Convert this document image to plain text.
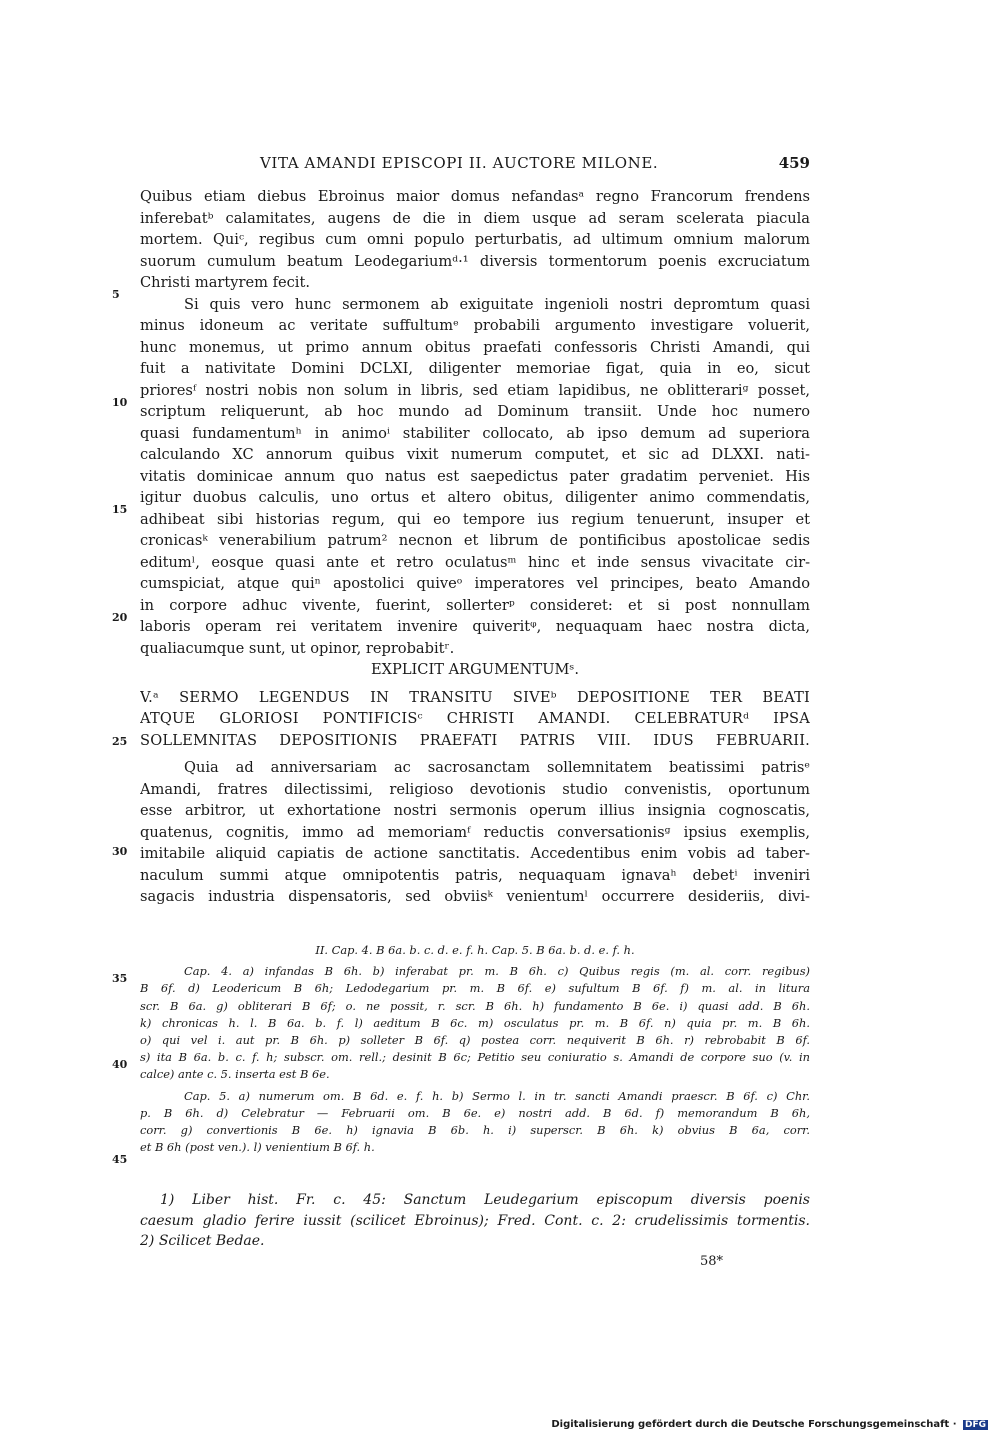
VITA AMANDI EPISCOPI II. AUCTORE MILONE.	459
5
10
15
20
25
30
35
40
45
Quibus etiam diebus Ebroinus maior domus nefandasᵃ regno Francorum frendens
inferebatᵇ calamitates, augens de die in diem usque ad seram scelerata piacula
mortem. Quiᶜ, regibus cum omni populo perturbatis, ad ultimum omnium malorum
suorum cumulum beatum Leodegariumᵈ·¹ diversis tormentorum poenis excruciatum
Christi martyrem fecit.
Si quis vero hunc sermonem ab exiguitate ingenioli nostri depromtum quasi
minus idoneum ac veritate suffultumᵉ probabili argumento investigare voluerit,
hunc monemus, ut primo annum obitus praefati confessoris Christi Amandi, qui
fuit a nativitate Domini DCLXI, diligenter memoriae figat, quia in eo, sicut
prioresᶠ nostri nobis non solum in libris, sed etiam lapidibus, ne oblitterariᵍ posset,
scriptum reliquerunt, ab hoc mundo ad Dominum transiit. Unde hoc numero
quasi fundamentumʰ in animoⁱ stabiliter collocato, ab ipso demum ad superiora
calculando XC annorum quibus vixit numerum computet, et sic ad DLXXI. nati-
vitatis dominicae annum quo natus est saepedictus pater gradatim perveniet. His
igitur duobus calculis, uno ortus et altero obitus, diligenter animo commendatis,
adhibeat sibi historias regum, qui eo tempore ius regium tenuerunt, insuper et
cronicasᵏ venerabilium patrum² necnon et librum de pontificibus apostolicae sedis
editumˡ, eosque quasi ante et retro oculatusᵐ hinc et inde sensus vivacitate cir-
cumspiciat, atque quiⁿ apostolici quiveᵒ imperatores vel principes, beato Amando
in corpore adhuc vivente, fuerint, sollerterᵖ consideret: et si post nonnullam
laboris operam rei veritatem invenire quiveritᵠ, nequaquam haec nostra dicta,
qualiacumque sunt, ut opinor, reprobabitʳ.
EXPLICIT ARGUMENTUMˢ.
V.ᵃ SERMO LEGENDUS IN TRANSITU SIVEᵇ DEPOSITIONE TER BEATI
ATQUE GLORIOSI PONTIFICISᶜ CHRISTI AMANDI. CELEBRATURᵈ IPSA
SOLLEMNITAS DEPOSITIONIS PRAEFATI PATRIS VIII. IDUS FEBRUARII.
Quia ad anniversariam ac sacrosanctam sollemnitatem beatissimi patrisᵉ
Amandi, fratres dilectissimi, religioso devotionis studio convenistis, oportunum
esse arbitror, ut exhortatione nostri sermonis operum illius insignia cognoscatis,
quatenus, cognitis, immo ad memoriamᶠ reductis conversationisᵍ ipsius exemplis,
imitabile aliquid capiatis de actione sanctitatis. Accedentibus enim vobis ad taber-
naculum summi atque omnipotentis patris, nequaquam ignavaʰ debetⁱ inveniri
sagacis industria dispensatoris, sed obviisᵏ venientumˡ occurrere desideriis, divi-
II. Cap. 4. B 6a. b. c. d. e. f. h. Cap. 5. B 6a. b. d. e. f. h.
Cap. 4. a) infandas B 6h. b) inferabat pr. m. B 6h. c) Quibus regis (m. al. corr. regibus)
B 6f. d) Leodericum B 6h; Ledodegarium pr. m. B 6f. e) sufultum B 6f. f) m. al. in litura
scr. B 6a. g) obliterari B 6f; o. ne possit, r. scr. B 6h. h) fundamento B 6e. i) quasi add. B 6h.
k) chronicas h. l. B 6a. b. f. l) aeditum B 6c. m) osculatus pr. m. B 6f. n) quia pr. m. B 6h.
o) qui vel i. aut pr. B 6h. p) solleter B 6f. q) postea corr. nequiverit B 6h. r) rebrobabit B 6f.
s) ita B 6a. b. c. f. h; subscr. om. rell.; desinit B 6c; Petitio seu coniuratio s. Amandi de corpore suo (v. in
calce) ante c. 5. inserta est B 6e.
Cap. 5. a) numerum om. B 6d. e. f. h. b) Sermo l. in tr. sancti Amandi praescr. B 6f. c) Chr.
p. B 6h. d) Celebratur — Februarii om. B 6e. e) nostri add. B 6d. f) memorandum B 6h,
corr. g) convertionis B 6e. h) ignavia B 6b. h. i) superscr. B 6h. k) obvius B 6a, corr.
et B 6h (post ven.). l) venientium B 6f. h.
1) Liber hist. Fr. c. 45: Sanctum Leudegarium episcopum diversis poenis
caesum gladio ferire iussit (scilicet Ebroinus); Fred. Cont. c. 2: crudelissimis tormentis.
2) Scilicet Bedae.
58*
Digitalisierung gefördert durch die Deutsche Forschungsgemeinschaft · DFG
